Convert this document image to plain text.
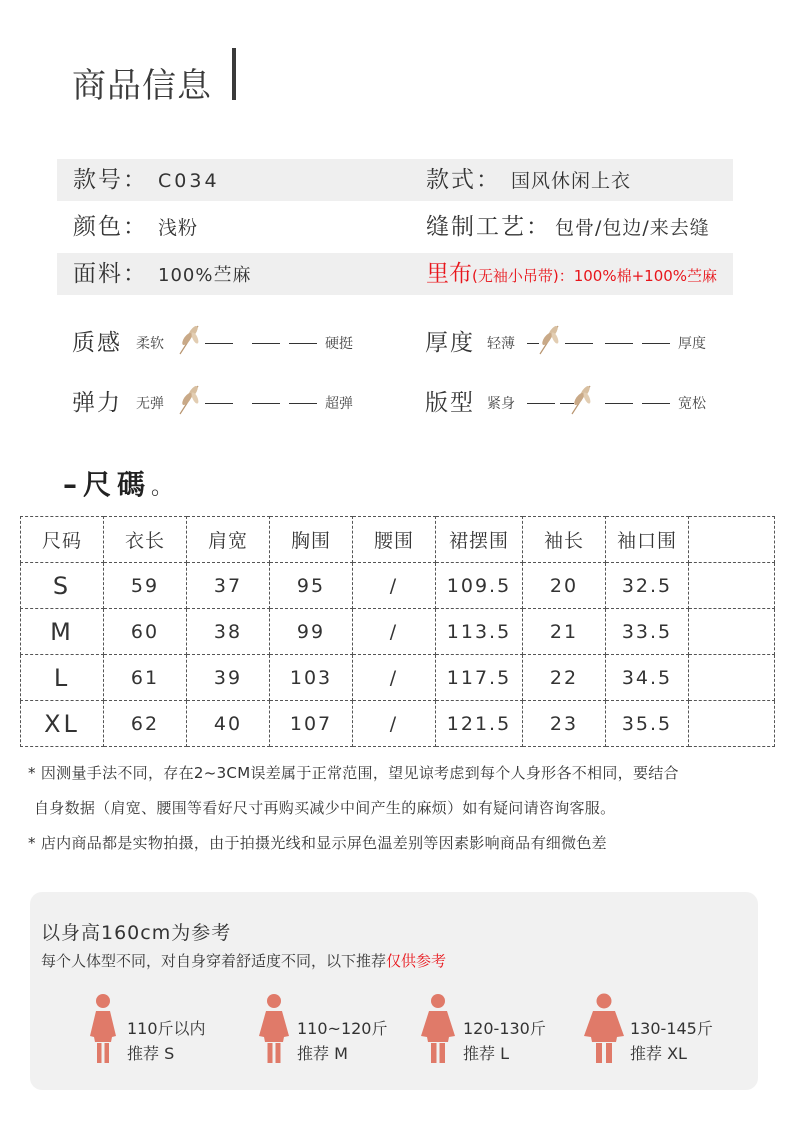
商品信息
款号： C034	款式： 国风休闲上衣
颜色： 浅粉	缝制工艺： 包骨/包边/来去缝
面料： 100%苎麻	里布(无袖小吊带)：100%棉+100%苎麻
质感 柔软	硬挺	厚度 轻薄	厚度
弹力 无弹	超弹	版型 紧身	宽松
–尺碼。
尺码	衣长	肩宽	胸围	腰围	裙摆围	袖长	袖口围	
S	59	37	95	/	109.5	20	32.5	
M	60	38	99	/	113.5	21	33.5	
L	61	39	103	/	117.5	22	34.5	
XL	62	40	107	/	121.5	23	35.5	
* 因测量手法不同，存在2~3CM误差属于正常范围，望见谅考虑到每个人身形各不相同，要结合
自身数据（肩宽、腰围等看好尺寸再购买减少中间产生的麻烦）如有疑问请咨询客服。
* 店内商品都是实物拍摄，由于拍摄光线和显示屏色温差别等因素影响商品有细微色差
以身高160cm为参考
每个人体型不同，对自身穿着舒适度不同，以下推荐仅供参考
110斤以内
推荐 S
110~120斤
推荐 M
120-130斤
推荐 L
130-145斤
推荐 XL
